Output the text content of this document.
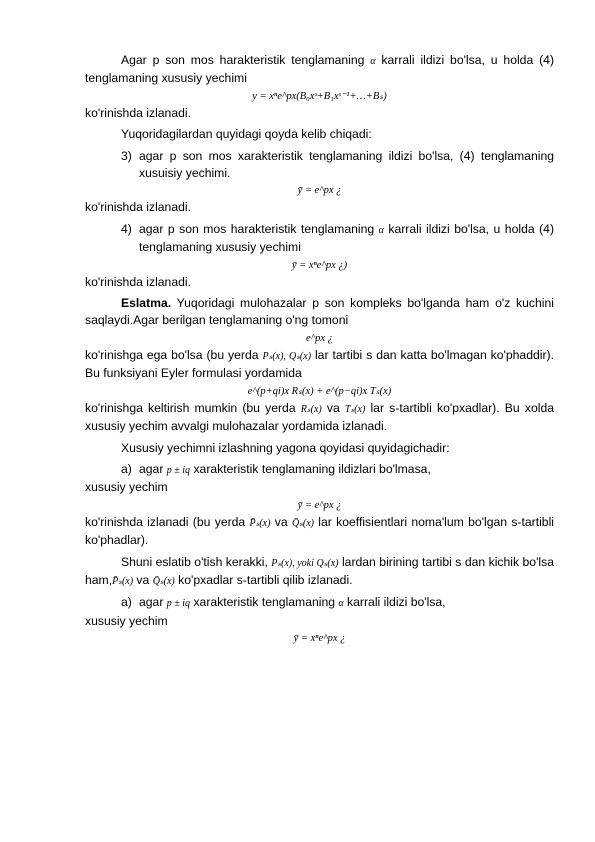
Agar p son mos harakteristik tenglamaning α karrali ildizi bo'lsa, u holda (4) tenglamaning xususiy yechimi

y = xⁿe^px(B₀xˢ+B₁xˢ⁻¹+…+Bₛ)

ko'rinishda izlanadi.

Yuqoridagilardan quyidagi qoyda kelib chiqadi:

3) agar p son mos xarakteristik tenglamaning ildizi bo'lsa, (4) tenglamaning xusuisiy yechimi.
ȳ = e^px ¿

ko'rinishda izlanadi.

4) agar p son mos harakteristik tenglamaning α karrali ildizi bo'lsa, u holda (4) tenglamaning xususiy yechimi
ȳ = xⁿe^px ¿)

ko'rinishda izlanadi.

Eslatma. Yuqoridagi mulohazalar p son kompleks bo'lganda ham o'z kuchini saqlaydi.Agar berilgan tenglamaning o'ng tomoni

e^px ¿

ko'rinishga ega bo'lsa (bu yerda Pₛ(x), Qₛ(x) lar tartibi s dan katta bo'lmagan ko'phaddir). Bu funksiyani Eyler formulasi yordamida

e^(p+qi)x Rₛ(x) + e^(p−qi)x Tₛ(x)

ko'rinishga keltirish mumkin (bu yerda Rₛ(x) va Tₛ(x) lar s-tartibli ko'pxadlar). Bu xolda xususiy yechim avvalgi mulohazalar yordamida izlanadi.

Xususiy yechimni izlashning yagona qoyidasi quyidagichadir:

a) agar p ± iq xarakteristik tenglamaning ildizlari bo'lmasa,

xususiy yechim

ȳ = e^px ¿

ko'rinishda izlanadi (bu yerda P̄ₛ(x) va Q̄ₛ(x) lar koeffisientlari noma'lum bo'lgan s-tartibli ko'phadlar).

Shuni eslatib o'tish kerakki, Pₛ(x), yoki Qₛ(x) lardan birining tartibi s dan kichik bo'lsa ham,P̄ₛ(x) va Q̄ₛ(x) ko'pxadlar s-tartibli qilib izlanadi.

a) agar p ± iq xarakteristik tenglamaning α karrali ildizi bo'lsa,

xususiy yechim

ȳ = xⁿe^px ¿
